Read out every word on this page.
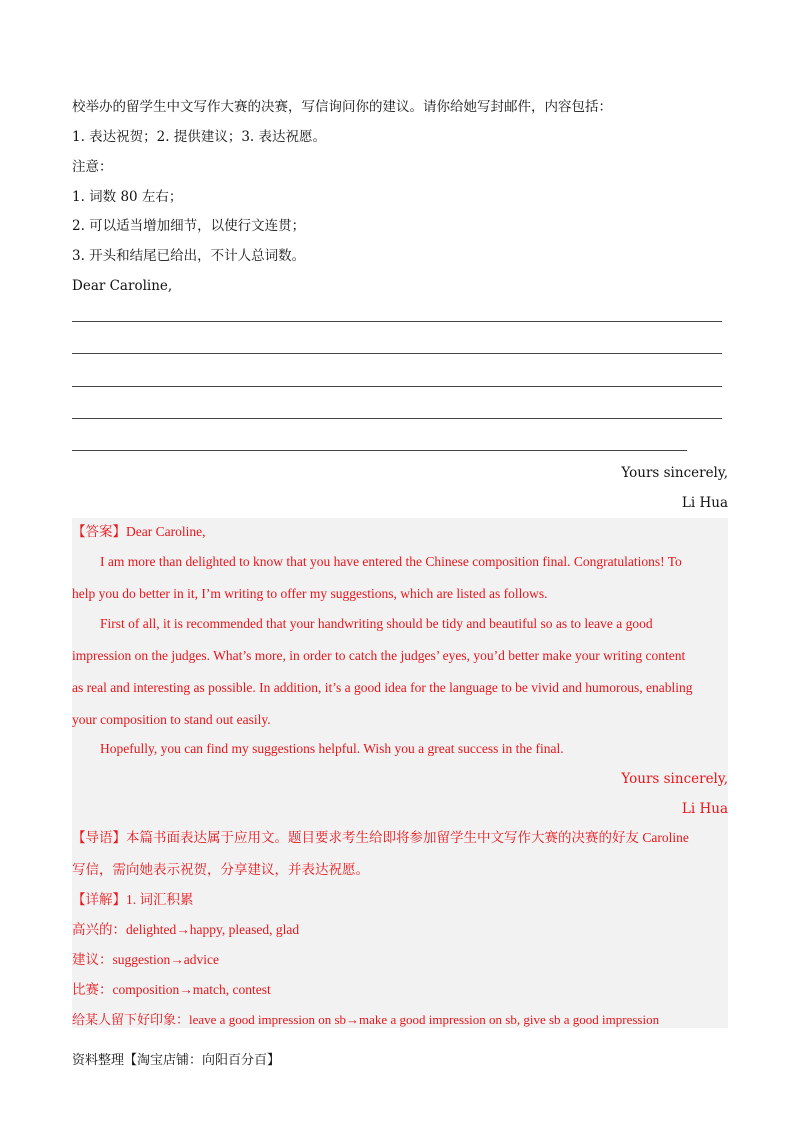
校举办的留学生中文写作大赛的决赛，写信询问你的建议。请你给她写封邮件，内容包括：
1. 表达祝贺；2. 提供建议；3. 表达祝愿。
注意：
1. 词数 80 左右；
2. 可以适当增加细节，以使行文连贯；
3. 开头和结尾已给出，不计人总词数。
Dear Caroline,
Yours sincerely,
Li Hua
【答案】Dear Caroline,
I am more than delighted to know that you have entered the Chinese composition final. Congratulations! To
help you do better in it, I’m writing to offer my suggestions, which are listed as follows.
First of all, it is recommended that your handwriting should be tidy and beautiful so as to leave a good
impression on the judges. What’s more, in order to catch the judges’ eyes, you’d better make your writing content
as real and interesting as possible. In addition, it’s a good idea for the language to be vivid and humorous, enabling
your composition to stand out easily.
Hopefully, you can find my suggestions helpful. Wish you a great success in the final.
Yours sincerely,
Li Hua
【导语】本篇书面表达属于应用文。题目要求考生给即将参加留学生中文写作大赛的决赛的好友 Caroline
写信，需向她表示祝贺，分享建议，并表达祝愿。
【详解】1. 词汇积累
高兴的：delighted→happy, pleased, glad
建议：suggestion→advice
比赛：composition→match, contest
给某人留下好印象：leave a good impression on sb→make a good impression on sb, give sb a good impression
资料整理【淘宝店铺：向阳百分百】
